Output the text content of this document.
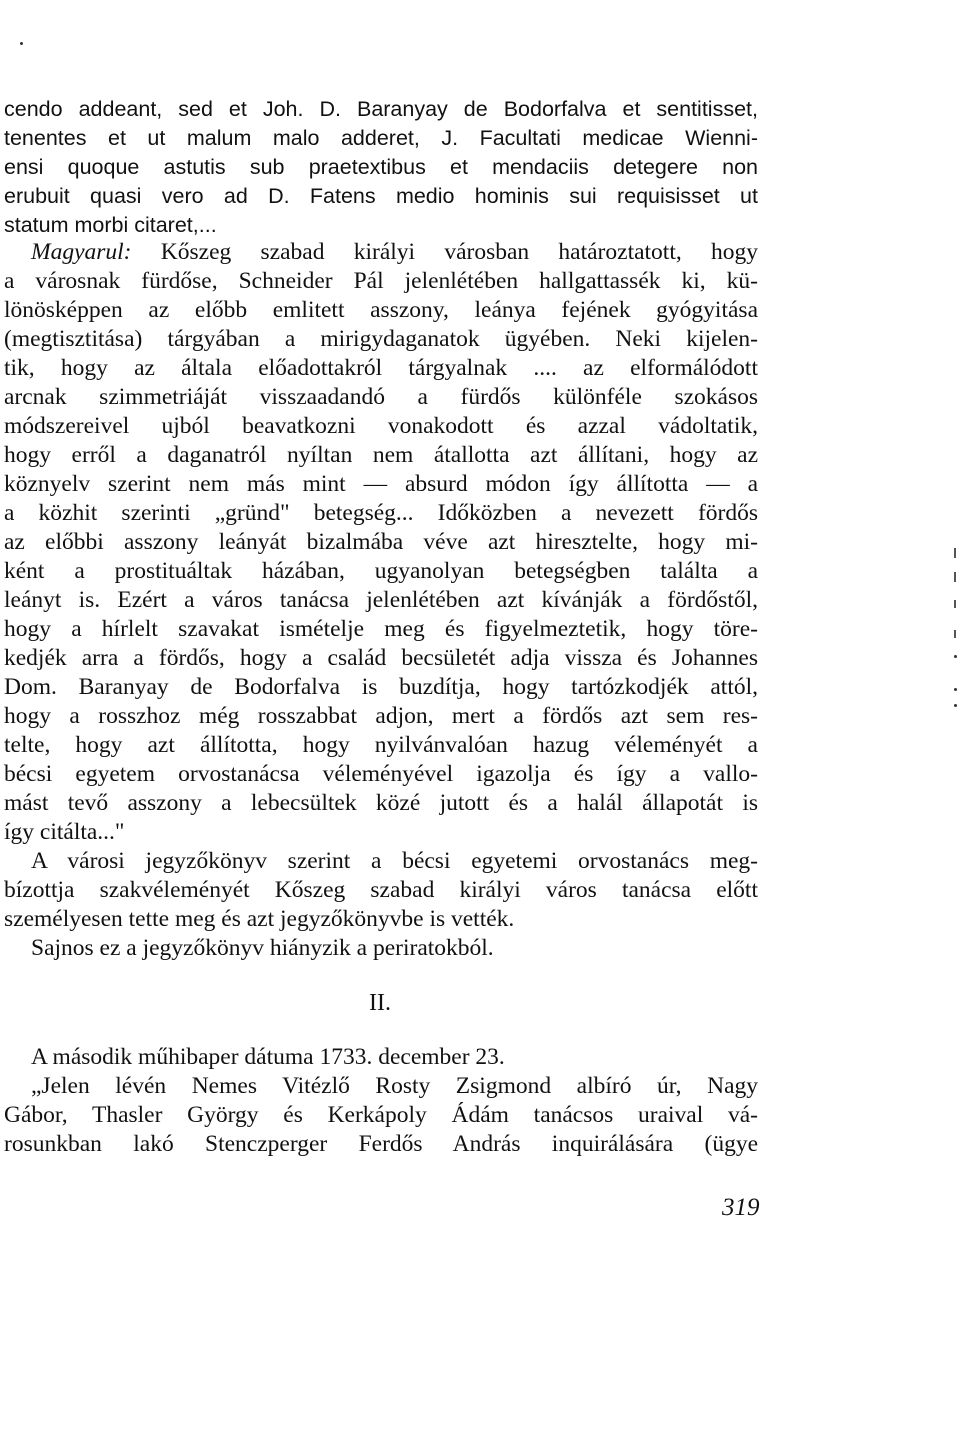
cendo addeant, sed et Joh. D. Baranyay de Bodorfalva et sentitisset,
tenentes et ut malum malo adderet, J. Facultati medicae Wienni-
ensi quoque astutis sub praetextibus et mendaciis detegere non
erubuit quasi vero ad D. Fatens medio hominis sui requisisset ut
statum morbi citaret,...
Magyarul: Kőszeg szabad királyi városban határoztatott, hogy
a városnak fürdőse, Schneider Pál jelenlétében hallgattassék ki, kü-
lönösképpen az előbb emlitett asszony, leánya fejének gyógyitása
(megtisztitása) tárgyában a mirigydaganatok ügyében. Neki kijelen-
tik, hogy az általa előadottakról tárgyalnak .... az elformálódott
arcnak szimmetriáját visszaadandó a fürdős különféle szokásos
módszereivel ujból beavatkozni vonakodott és azzal vádoltatik,
hogy erről a daganatról nyíltan nem átallotta azt állítani, hogy az
köznyelv szerint nem más mint — absurd módon így állította — a
a közhit szerinti „gründ" betegség... Időközben a nevezett fördős
az előbbi asszony leányát bizalmába véve azt hiresztelte, hogy mi-
ként a prostituáltak házában, ugyanolyan betegségben találta a
leányt is. Ezért a város tanácsa jelenlétében azt kívánják a fördőstől,
hogy a hírlelt szavakat ismételje meg és figyelmeztetik, hogy töre-
kedjék arra a fördős, hogy a család becsületét adja vissza és Johannes
Dom. Baranyay de Bodorfalva is buzdítja, hogy tartózkodjék attól,
hogy a rosszhoz még rosszabbat adjon, mert a fördős azt sem res-
telte, hogy azt állította, hogy nyilvánvalóan hazug véleményét a
bécsi egyetem orvostanácsa véleményével igazolja és így a vallo-
mást tevő asszony a lebecsültek közé jutott és a halál állapotát is
így citálta..."
A városi jegyzőkönyv szerint a bécsi egyetemi orvostanács meg-
bízottja szakvéleményét Kőszeg szabad királyi város tanácsa előtt
személyesen tette meg és azt jegyzőkönyvbe is vették.
Sajnos ez a jegyzőkönyv hiányzik a periratokból.
II.
A második műhibaper dátuma 1733. december 23.
„Jelen lévén Nemes Vitézlő Rosty Zsigmond albíró úr, Nagy
Gábor, Thasler György és Kerkápoly Ádám tanácsos uraival vá-
rosunkban lakó Stenczperger Ferdős András inquirálására (ügye
319
